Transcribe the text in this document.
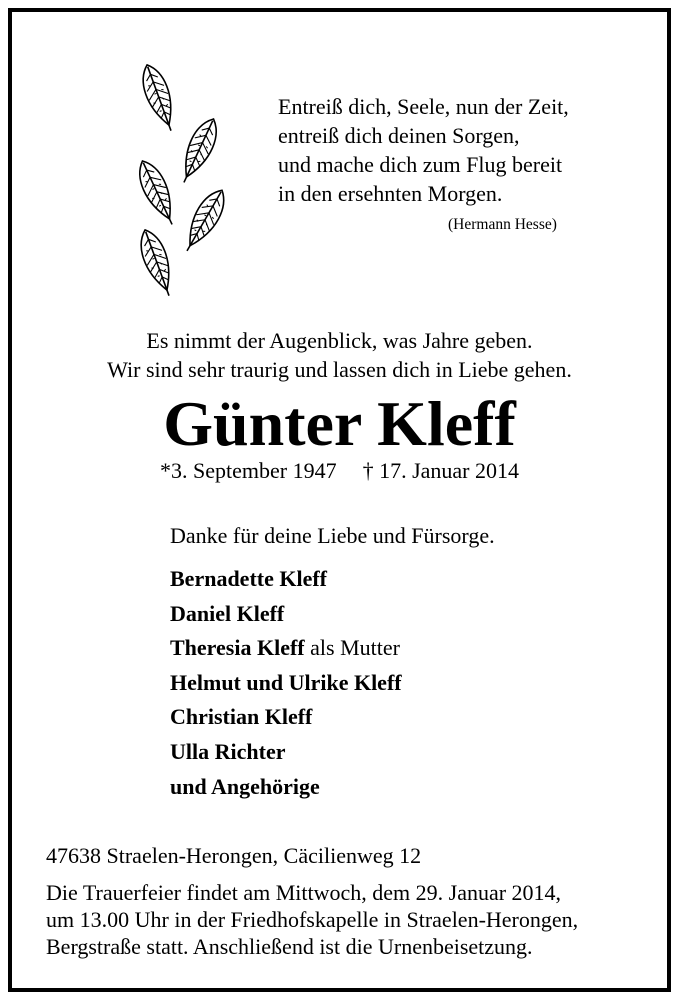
Entreiß dich, Seele, nun der Zeit,
entreiß dich deinen Sorgen,
und mache dich zum Flug bereit
in den ersehnten Morgen.
(Hermann Hesse)
Es nimmt der Augenblick, was Jahre geben.
Wir sind sehr traurig und lassen dich in Liebe gehen.
Günter Kleff
*3. September 1947 † 17. Januar 2014
Danke für deine Liebe und Fürsorge.
Bernadette Kleff
Daniel Kleff
Theresia Kleff als Mutter
Helmut und Ulrike Kleff
Christian Kleff
Ulla Richter
und Angehörige
47638 Straelen-Herongen, Cäcilienweg 12
Die Trauerfeier findet am Mittwoch, dem 29. Januar 2014,
um 13.00 Uhr in der Friedhofskapelle in Straelen-Herongen,
Bergstraße statt. Anschließend ist die Urnenbeisetzung.
